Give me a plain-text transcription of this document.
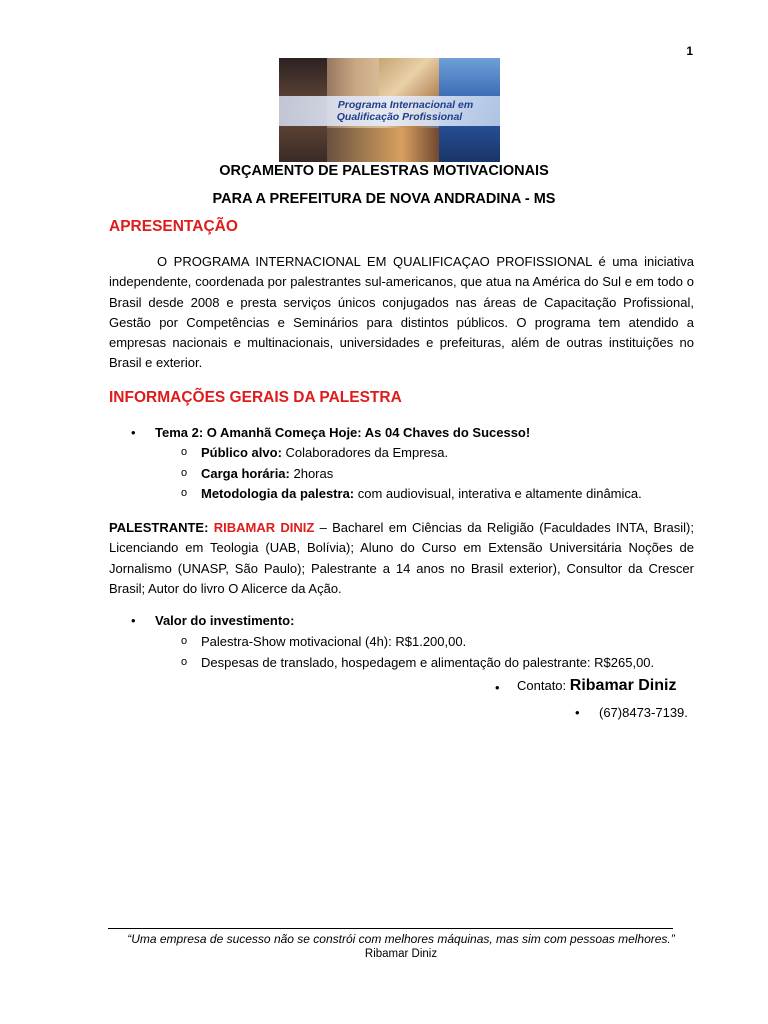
1
Programa Internacional em
Qualificação Profissional
ORÇAMENTO DE PALESTRAS MOTIVACIONAIS
PARA A PREFEITURA DE NOVA ANDRADINA - MS
APRESENTAÇÃO
O PROGRAMA INTERNACIONAL EM QUALIFICAÇAO PROFISSIONAL é uma iniciativa independente, coordenada por palestrantes sul-americanos, que atua na América do Sul e em todo o Brasil desde 2008 e presta serviços únicos conjugados nas áreas de Capacitação Profissional, Gestão por Competências e Seminários para distintos públicos. O programa tem atendido a empresas nacionais e multinacionais, universidades e prefeituras, além de outras instituições no Brasil e exterior.
INFORMAÇÕES GERAIS DA PALESTRA
• Tema 2: O Amanhã Começa Hoje: As 04 Chaves do Sucesso!
o Público alvo: Colaboradores da Empresa.
o Carga horária: 2horas
o Metodologia da palestra: com audiovisual, interativa e altamente dinâmica.
PALESTRANTE: RIBAMAR DINIZ – Bacharel em Ciências da Religião (Faculdades INTA, Brasil); Licenciando em Teologia (UAB, Bolívia); Aluno do Curso em Extensão Universitária Noções de Jornalismo (UNASP, São Paulo); Palestrante a 14 anos no Brasil exterior), Consultor da Crescer Brasil; Autor do livro O Alicerce da Ação.
• Valor do investimento:
o Palestra-Show motivacional (4h): R$1.200,00.
o Despesas de translado, hospedagem e alimentação do palestrante: R$265,00.
• Contato: Ribamar Diniz
• (67)8473-7139.
“Uma empresa de sucesso não se constrói com melhores máquinas, mas sim com pessoas melhores.”
Ribamar Diniz
